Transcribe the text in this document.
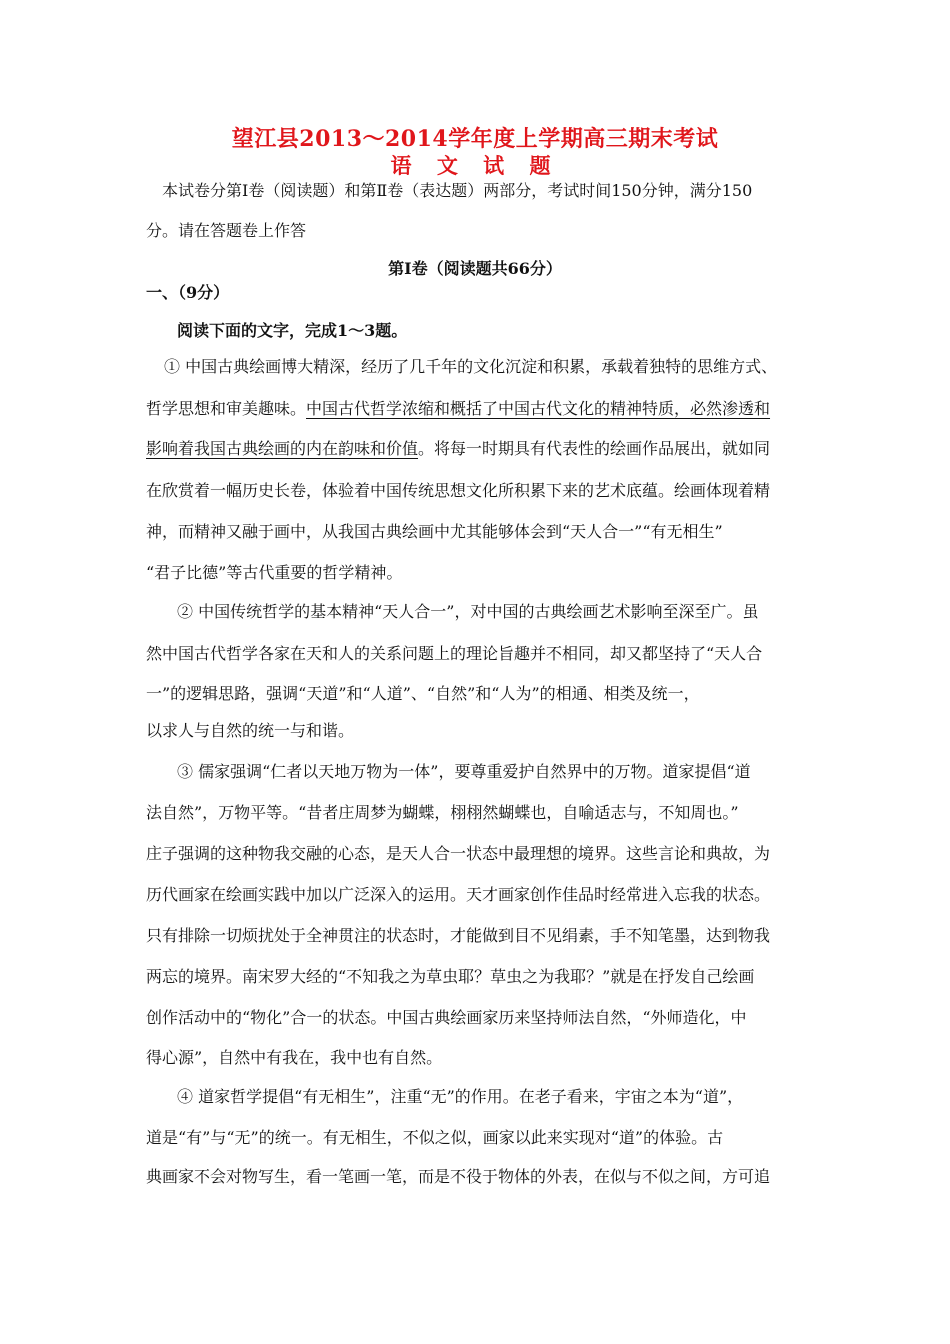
望江县2013～2014学年度上学期高三期末考试
语 文 试 题
本试卷分第Ⅰ卷（阅读题）和第Ⅱ卷（表达题）两部分，考试时间150分钟，满分150
分。请在答题卷上作答
第Ⅰ卷（阅读题共66分）
一、（9分）
阅读下面的文字，完成1～3题。
① 中国古典绘画博大精深，经历了几千年的文化沉淀和积累，承载着独特的思维方式、
哲学思想和审美趣味。中国古代哲学浓缩和概括了中国古代文化的精神特质，必然渗透和
影响着我国古典绘画的内在韵味和价值。将每一时期具有代表性的绘画作品展出，就如同
在欣赏着一幅历史长卷，体验着中国传统思想文化所积累下来的艺术底蕴。绘画体现着精
神，而精神又融于画中，从我国古典绘画中尤其能够体会到“天人合一”“有无相生”
“君子比德”等古代重要的哲学精神。
② 中国传统哲学的基本精神“天人合一”，对中国的古典绘画艺术影响至深至广。虽
然中国古代哲学各家在天和人的关系问题上的理论旨趣并不相同，却又都坚持了“天人合
一”的逻辑思路，强调“天道”和“人道”、“自然”和“人为”的相通、相类及统一，
以求人与自然的统一与和谐。
③ 儒家强调“仁者以天地万物为一体”，要尊重爱护自然界中的万物。道家提倡“道
法自然”，万物平等。“昔者庄周梦为蝴蝶，栩栩然蝴蝶也，自喻适志与，不知周也。”
庄子强调的这种物我交融的心态，是天人合一状态中最理想的境界。这些言论和典故，为
历代画家在绘画实践中加以广泛深入的运用。天才画家创作佳品时经常进入忘我的状态。
只有排除一切烦扰处于全神贯注的状态时，才能做到目不见绢素，手不知笔墨，达到物我
两忘的境界。南宋罗大经的“不知我之为草虫耶？草虫之为我耶？”就是在抒发自己绘画
创作活动中的“物化”合一的状态。中国古典绘画家历来坚持师法自然，“外师造化，中
得心源”，自然中有我在，我中也有自然。
④ 道家哲学提倡“有无相生”，注重“无”的作用。在老子看来，宇宙之本为“道”，
道是“有”与“无”的统一。有无相生，不似之似，画家以此来实现对“道”的体验。古
典画家不会对物写生，看一笔画一笔，而是不役于物体的外表，在似与不似之间，方可追
